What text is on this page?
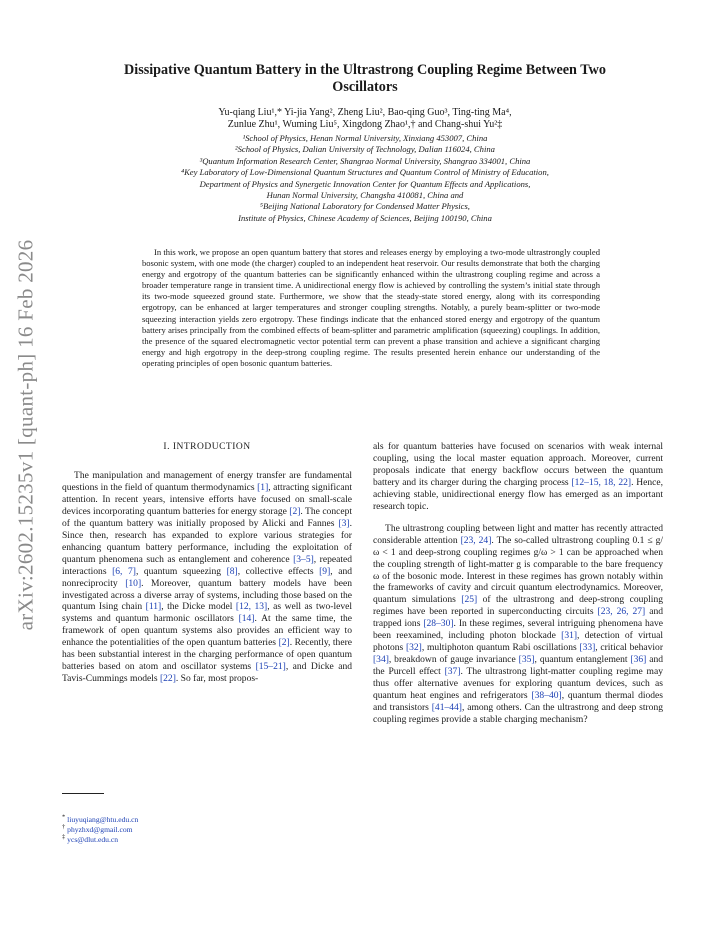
arXiv:2602.15235v1 [quant-ph] 16 Feb 2026
Dissipative Quantum Battery in the Ultrastrong Coupling Regime Between Two
Oscillators
Yu-qiang Liu¹,* Yi-jia Yang², Zheng Liu², Bao-qing Guo³, Ting-ting Ma⁴,
Zunlue Zhu¹, Wuming Liu⁵, Xingdong Zhao¹,† and Chang-shui Yu²‡
¹School of Physics, Henan Normal University, Xinxiang 453007, China
²School of Physics, Dalian University of Technology, Dalian 116024, China
³Quantum Information Research Center, Shangrao Normal University, Shangrao 334001, China
⁴Key Laboratory of Low-Dimensional Quantum Structures and Quantum Control of Ministry of Education,
Department of Physics and Synergetic Innovation Center for Quantum Effects and Applications,
Hunan Normal University, Changsha 410081, China and
⁵Beijing National Laboratory for Condensed Matter Physics,
Institute of Physics, Chinese Academy of Sciences, Beijing 100190, China
In this work, we propose an open quantum battery that stores and releases energy by employing a two-mode ultrastrongly coupled bosonic system, with one mode (the charger) coupled to an independent heat reservoir. Our results demonstrate that both the charging energy and ergotropy of the quantum batteries can be significantly enhanced within the ultrastrong coupling regime and across a broader temperature range in transient time. A unidirectional energy flow is achieved by controlling the system’s initial state through its two-mode squeezed ground state. Furthermore, we show that the steady-state stored energy, along with its corresponding ergotropy, can be enhanced at larger temperatures and stronger coupling strengths. Notably, a purely beam-splitter or two-mode squeezing interaction yields zero ergotropy. These findings indicate that the enhanced stored energy and ergotropy of the quantum battery arises principally from the combined effects of beam-splitter and parametric amplification (squeezing) couplings. In addition, the presence of the squared electromagnetic vector potential term can prevent a phase transition and achieve a significant charging energy and high ergotropy in the deep-strong coupling regime. The results presented herein enhance our understanding of the operating principles of open bosonic quantum batteries.
I. INTRODUCTION

The manipulation and management of energy transfer are fundamental questions in the field of quantum thermodynamics [1], attracting significant attention. In recent years, intensive efforts have focused on small-scale devices incorporating quantum batteries for energy storage [2]. The concept of the quantum battery was initially proposed by Alicki and Fannes [3]. Since then, research has expanded to explore various strategies for enhancing quantum battery performance, including the exploitation of quantum phenomena such as entanglement and coherence [3–5], repeated interactions [6, 7], quantum squeezing [8], collective effects [9], and nonreciprocity [10]. Moreover, quantum battery models have been investigated across a diverse array of systems, including those based on the quantum Ising chain [11], the Dicke model [12, 13], as well as two-level systems and quantum harmonic oscillators [14]. At the same time, the framework of open quantum systems also provides an efficient way to enhance the potentialities of the open quantum batteries [2]. Recently, there has been substantial interest in the charging performance of open quantum batteries based on atom and oscillator systems [15–21], and Dicke and Tavis-Cummings models [22]. So far, most propos-

als for quantum batteries have focused on scenarios with weak internal coupling, using the local master equation approach. Moreover, current proposals indicate that energy backflow occurs between the quantum battery and its charger during the charging process [12–15, 18, 22]. Hence, achieving stable, unidirectional energy flow has emerged as an important research topic.

The ultrastrong coupling between light and matter has recently attracted considerable attention [23, 24]. The so-called ultrastrong coupling 0.1 ≤ g/ω < 1 and deep-strong coupling regimes g/ω > 1 can be approached when the coupling strength of light-matter g is comparable to the bare frequency ω of the bosonic mode. Interest in these regimes has grown notably within the frameworks of cavity and circuit quantum electrodynamics. Moreover, quantum simulations [25] of the ultrastrong and deep-strong coupling regimes have been reported in superconducting circuits [23, 26, 27] and trapped ions [28–30]. In these regimes, several intriguing phenomena have been reexamined, including photon blockade [31], detection of virtual photons [32], multiphoton quantum Rabi oscillations [33], critical behavior [34], breakdown of gauge invariance [35], quantum entanglement [36] and the Purcell effect [37]. The ultrastrong light-matter coupling regime may thus offer alternative avenues for exploring quantum devices, such as quantum heat engines and refrigerators [38–40], quantum thermal diodes and transistors [41–44], among others. Can the ultrastrong and deep strong coupling regimes provide a stable charging mechanism?

* liuyuqiang@htu.edu.cn
† phyzhxd@gmail.com
‡ ycs@dlut.edu.cn
